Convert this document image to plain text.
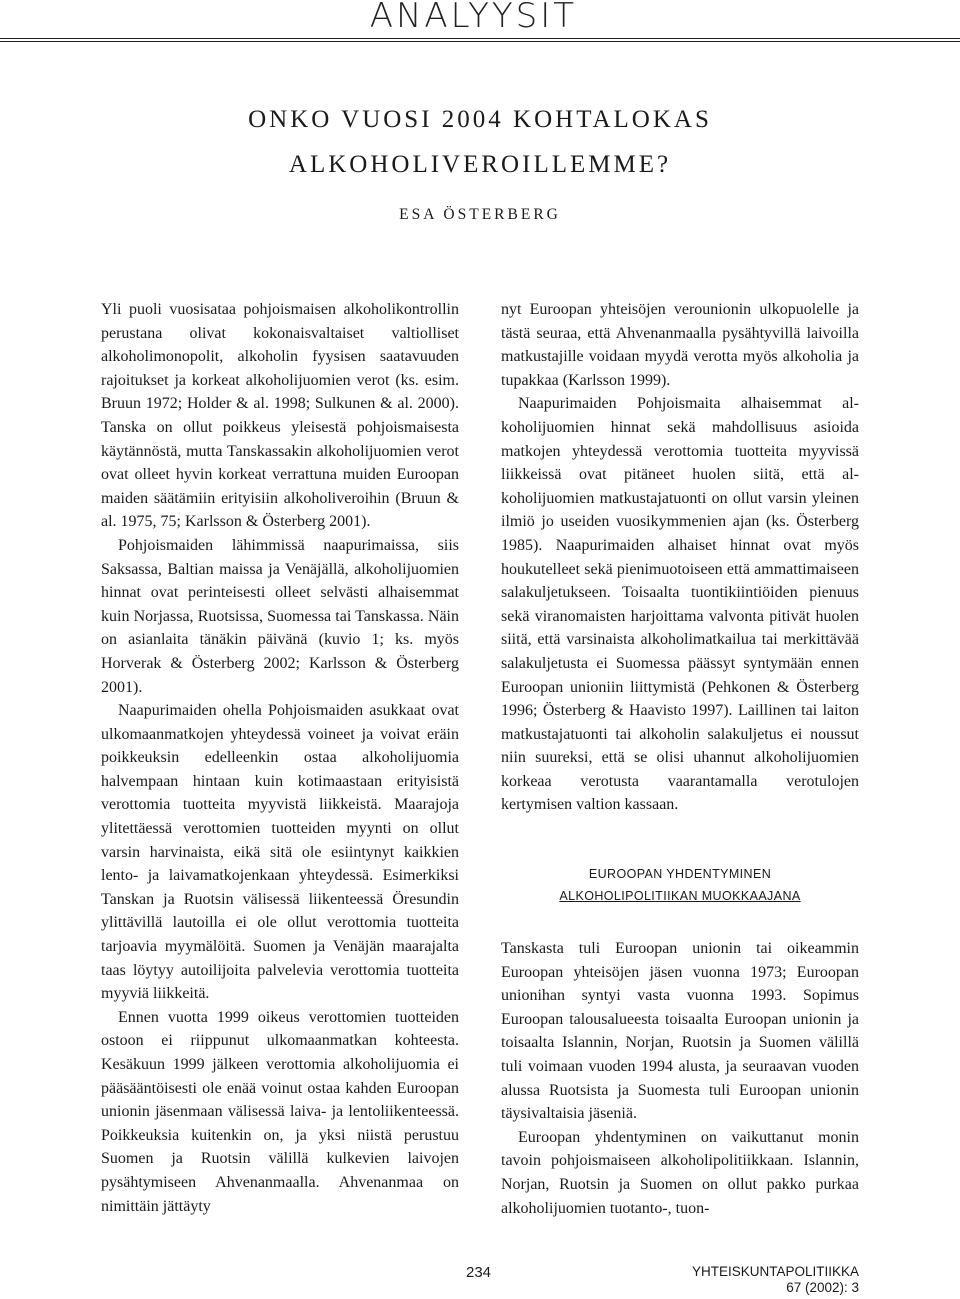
ANALYYSIT
ONKO VUOSI 2004 KOHTALOKAS
ALKOHOLIVEROILLEMME?
ESA ÖSTERBERG

Yli puoli vuosisataa pohjoismaisen alkoholikontrollin perustana olivat kokonaisvaltaiset valtiolliset alkoholimonopolit, alkoholin fyysisen saatavuuden rajoitukset ja korkeat alkoholijuomien verot (ks. esim. Bruun 1972; Holder & al. 1998; Sulkunen & al. 2000). Tanska on ollut poikkeus yleisestä pohjoismaisesta käytännöstä, mutta Tanskassakin alkoholijuomien verot ovat olleet hyvin korkeat verrattuna muiden Euroopan maiden säätämiin erityisiin alkoholiveroihin (Bruun & al. 1975, 75; Karlsson & Österberg 2001).

Pohjoismaiden lähimmissä naapurimaissa, siis Saksassa, Baltian maissa ja Venäjällä, alkoholijuomien hinnat ovat perinteisesti olleet selvästi alhaisemmat kuin Norjassa, Ruotsissa, Suomessa tai Tanskassa. Näin on asianlaita tänäkin päivänä (kuvio 1; ks. myös Horverak & Österberg 2002; Karlsson & Österberg 2001).

Naapurimaiden ohella Pohjoismaiden asukkaat ovat ulkomaanmatkojen yhteydessä voineet ja voivat eräin poikkeuksin edelleenkin ostaa alkoholijuomia halvempaan hintaan kuin kotimaastaan erityisistä verottomia tuotteita myyvistä liikkeistä. Maarajoja ylitettäessä verottomien tuotteiden myynti on ollut varsin harvinaista, eikä sitä ole esiintynyt kaikkien lento- ja laivamatkojenkaan yhteydessä. Esimerkiksi Tanskan ja Ruotsin välisessä liikenteessä Öresundin ylittävillä lautoilla ei ole ollut verottomia tuotteita tarjoavia myymälöitä. Suomen ja Venäjän maarajalta taas löytyy autoilijoita palvelevia verottomia tuotteita myyviä liikkeitä.

Ennen vuotta 1999 oikeus verottomien tuotteiden ostoon ei riippunut ulkomaanmatkan kohteesta. Kesäkuun 1999 jälkeen verottomia alkoholijuomia ei pääsääntöisesti ole enää voinut ostaa kahden Euroopan unionin jäsenmaan välisessä laiva- ja lentoliikenteessä. Poikkeuksia kuitenkin on, ja yksi niistä perustuu Suomen ja Ruotsin välillä kulkevien laivojen pysähtymiseen Ahvenanmaalla. Ahvenanmaa on nimittäin jättäyty

nyt Euroopan yhteisöjen verounionin ulkopuolelle ja tästä seuraa, että Ahvenanmaalla pysähtyvillä laivoilla matkustajille voidaan myydä verotta myös alkoholia ja tupakkaa (Karlsson 1999).

Naapurimaiden Pohjoismaita alhaisemmat alkoholijuomien hinnat sekä mahdollisuus asioida matkojen yhteydessä verottomia tuotteita myyvissä liikkeissä ovat pitäneet huolen siitä, että alkoholijuomien matkustajatuonti on ollut varsin yleinen ilmiö jo useiden vuosikymmenien ajan (ks. Österberg 1985). Naapurimaiden alhaiset hinnat ovat myös houkutelleet sekä pienimuotoiseen että ammattimaiseen salakuljetukseen. Toisaalta tuontikiintiöiden pienuus sekä viranomaisten harjoittama valvonta pitivät huolen siitä, että varsinaista alkoholimatkailua tai merkittävää salakuljetusta ei Suomessa päässyt syntymään ennen Euroopan unioniin liittymistä (Pehkonen & Österberg 1996; Österberg & Haavisto 1997). Laillinen tai laiton matkustajatuonti tai alkoholin salakuljetus ei noussut niin suureksi, että se olisi uhannut alkoholijuomien korkeaa verotusta vaarantamalla verotulojen kertymisen valtion kassaan.

EUROOPAN YHDENTYMINEN
ALKOHOLIPOLITIIKAN MUOKKAAJANA

Tanskasta tuli Euroopan unionin tai oikeammin Euroopan yhteisöjen jäsen vuonna 1973; Euroopan unionihan syntyi vasta vuonna 1993. Sopimus Euroopan talousalueesta toisaalta Euroopan unionin ja toisaalta Islannin, Norjan, Ruotsin ja Suomen välillä tuli voimaan vuoden 1994 alusta, ja seuraavan vuoden alussa Ruotsista ja Suomesta tuli Euroopan unionin täysivaltaisia jäseniä.

Euroopan yhdentyminen on vaikuttanut monin tavoin pohjoismaiseen alkoholipolitiikkaan. Islannin, Norjan, Ruotsin ja Suomen on ollut pakko purkaa alkoholijuomien tuotanto-, tuon-

234	YHTEISKUNTAPOLITIIKKA
67 (2002): 3
